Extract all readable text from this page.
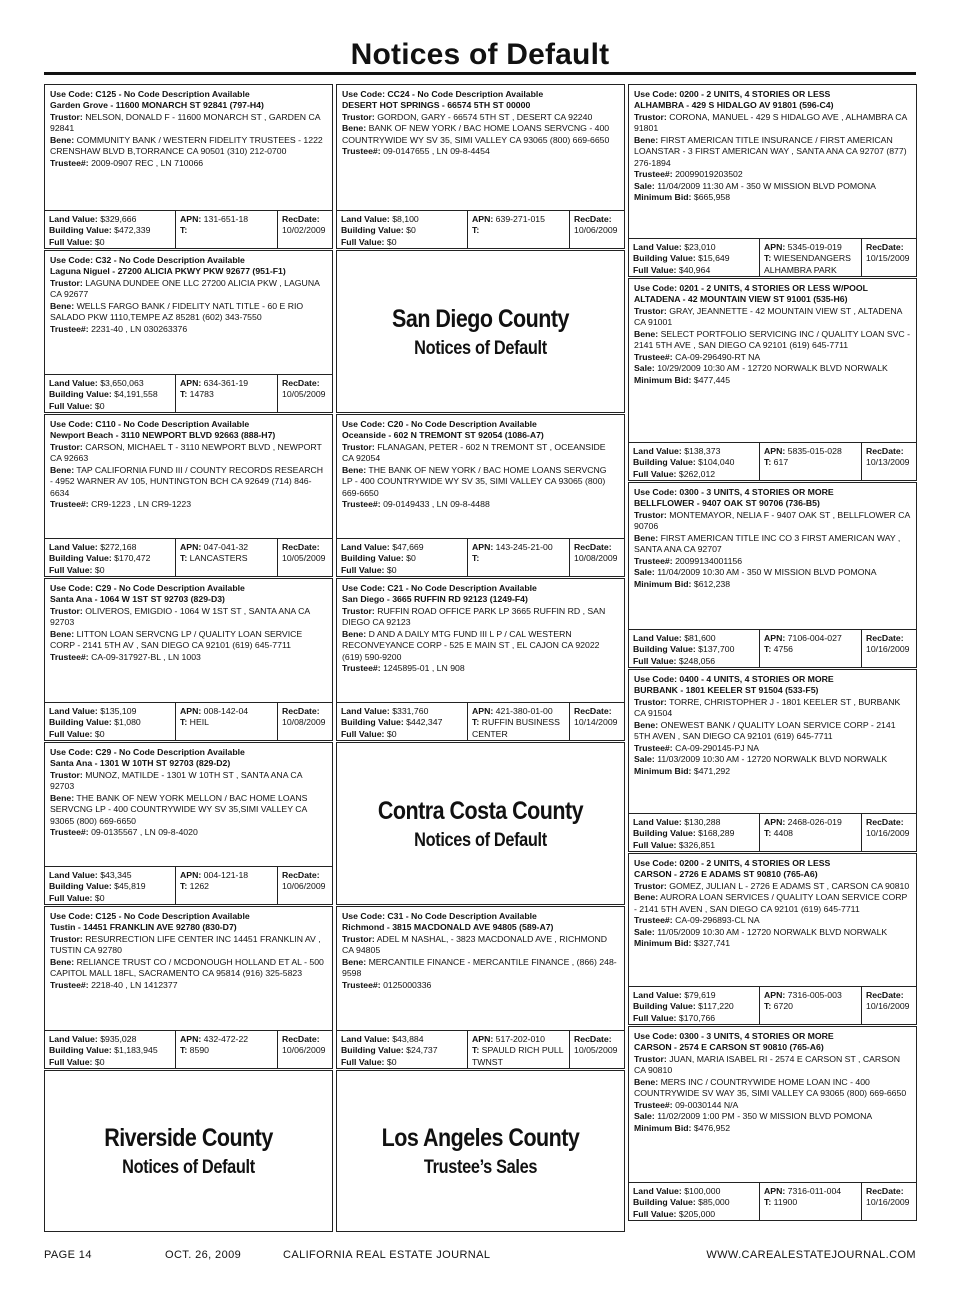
Notices of Default
Use Code: C125 - No Code Description Available
Garden Grove - 11600 MONARCH ST 92841 (797-H4)
Trustor: NELSON, DONALD F - 11600 MONARCH ST , GARDEN CA 92841
Bene: COMMUNITY BANK / WESTERN FIDELITY TRUSTEES - 1222 CRENSHAW BLVD B,TORRANCE CA 90501 (310) 212-0700
Trustee#: 2009-0907 REC , LN 710066
Land Value: $329,666
Building Value: $472,339
Full Value: $0
APN: 131-651-18
T:
RecDate:
10/02/2009
Use Code: C32 - No Code Description Available
Laguna Niguel - 27200 ALICIA PKWY PKW 92677 (951-F1)
Trustor: LAGUNA DUNDEE ONE LLC 27200 ALICIA PKW , LAGUNA CA 92677
Bene: WELLS FARGO BANK / FIDELITY NATL TITLE - 60 E RIO SALADO PKW 1110,TEMPE AZ 85281 (602) 343-7550
Trustee#: 2231-40 , LN 030263376
Land Value: $3,650,063
Building Value: $4,191,558
Full Value: $0
APN: 634-361-19
T: 14783
RecDate:
10/05/2009
Use Code: C110 - No Code Description Available
Newport Beach - 3110 NEWPORT BLVD 92663 (888-H7)
Trustor: CARSON, MICHAEL T - 3110 NEWPORT BLVD , NEWPORT CA 92663
Bene: TAP CALIFORNIA FUND III / COUNTY RECORDS RESEARCH - 4952 WARNER AV 105, HUNTINGTON BCH CA 92649 (714) 846-6634
Trustee#: CR9-1223 , LN CR9-1223
Land Value: $272,168
Building Value: $170,472
Full Value: $0
APN: 047-041-32
T: LANCASTERS
RecDate:
10/05/2009
Use Code: C29 - No Code Description Available
Santa Ana - 1064 W 1ST ST 92703 (829-D3)
Trustor: OLIVEROS, EMIGDIO - 1064 W 1ST ST , SANTA ANA CA 92703
Bene: LITTON LOAN SERVCNG LP / QUALITY LOAN SERVICE CORP - 2141 5TH AV , SAN DIEGO CA 92101 (619) 645-7711
Trustee#: CA-09-317927-BL , LN 1003
Land Value: $135,109
Building Value: $1,080
Full Value: $0
APN: 008-142-04
T: HEIL
RecDate:
10/08/2009
Use Code: C29 - No Code Description Available
Santa Ana - 1301 W 10TH ST 92703 (829-D2)
Trustor: MUNOZ, MATILDE - 1301 W 10TH ST , SANTA ANA CA 92703
Bene: THE BANK OF NEW YORK MELLON / BAC HOME LOANS SERVCNG LP - 400 COUNTRYWIDE WY SV 35,SIMI VALLEY CA 93065 (800) 669-6650
Trustee#: 09-0135567 , LN 09-8-4020
Land Value: $43,345
Building Value: $45,819
Full Value: $0
APN: 004-121-18
T: 1262
RecDate:
10/06/2009
Use Code: C125 - No Code Description Available
Tustin - 14451 FRANKLIN AVE 92780 (830-D7)
Trustor: RESURRECTION LIFE CENTER INC 14451 FRANKLIN AV , TUSTIN CA 92780
Bene: RELIANCE TRUST CO / MCDONOUGH HOLLAND ET AL - 500 CAPITOL MALL 18FL, SACRAMENTO CA 95814 (916) 325-5823
Trustee#: 2218-40 , LN 1412377
Land Value: $935,028
Building Value: $1,183,945
Full Value: $0
APN: 432-472-22
T: 8590
RecDate:
10/06/2009
Riverside County
Notices of Default
Use Code: CC24 - No Code Description Available
DESERT HOT SPRINGS - 66574 5TH ST 00000
Trustor: GORDON, GARY - 66574 5TH ST , DESERT CA 92240
Bene: BANK OF NEW YORK / BAC HOME LOANS SERVCNG - 400 COUNTRYWIDE WY SV 35, SIMI VALLEY CA 93065 (800) 669-6650
Trustee#: 09-0147655 , LN 09-8-4454
Land Value: $8,100
Building Value: $0
Full Value: $0
APN: 639-271-015
T:
RecDate:
10/06/2009
San Diego County
Notices of Default
Use Code: C20 - No Code Description Available
Oceanside - 602 N TREMONT ST 92054 (1086-A7)
Trustor: FLANAGAN, PETER - 602 N TREMONT ST , OCEANSIDE CA 92054
Bene: THE BANK OF NEW YORK / BAC HOME LOANS SERVCNG LP - 400 COUNTRYWIDE WY SV 35, SIMI VALLEY CA 93065 (800) 669-6650
Trustee#: 09-0149433 , LN 09-8-4488
Land Value: $47,669
Building Value: $0
Full Value: $0
APN: 143-245-21-00
T:
RecDate:
10/08/2009
Use Code: C21 - No Code Description Available
San Diego - 3665 RUFFIN RD 92123 (1249-F4)
Trustor: RUFFIN ROAD OFFICE PARK LP 3665 RUFFIN RD , SAN DIEGO CA 92123
Bene: D AND A DAILY MTG FUND III L P / CAL WESTERN RECONVEYANCE CORP - 525 E MAIN ST , EL CAJON CA 92022 (619) 590-9200
Trustee#: 1245895-01 , LN 908
Land Value: $331,760
Building Value: $442,347
Full Value: $0
APN: 421-380-01-00
T: RUFFIN BUSINESS CENTER
RecDate:
10/14/2009
Contra Costa County
Notices of Default
Use Code: C31 - No Code Description Available
Richmond - 3815 MACDONALD AVE 94805 (589-A7)
Trustor: ADEL M NASHAL, - 3823 MACDONALD AVE , RICHMOND CA 94805
Bene: MERCANTILE FINANCE - MERCANTILE FINANCE , (866) 248-9598
Trustee#: 0125000336
Land Value: $43,884
Building Value: $24,737
Full Value: $0
APN: 517-202-010
T: SPAULD RICH PULL TWNST
RecDate:
10/05/2009
Los Angeles County
Trustee’s Sales
Use Code: 0200 - 2 UNITS, 4 STORIES OR LESS
ALHAMBRA - 429 S HIDALGO AV 91801 (596-C4)
Trustor: CORONA, MANUEL - 429 S HIDALGO AVE , ALHAMBRA CA 91801
Bene: FIRST AMERICAN TITLE INSURANCE / FIRST AMERICAN LOANSTAR - 3 FIRST AMERICAN WAY , SANTA ANA CA 92707 (877) 276-1894
Trustee#: 20099019203502
Sale: 11/04/2009 11:30 AM - 350 W MISSION BLVD POMONA
Minimum Bid: $665,958
Land Value: $23,010
Building Value: $15,649
Full Value: $40,964
APN: 5345-019-019
T: WIESENDANGERS ALHAMBRA PARK
RecDate:
10/15/2009
Use Code: 0201 - 2 UNITS, 4 STORIES OR LESS W/POOL
ALTADENA - 42 MOUNTAIN VIEW ST 91001 (535-H6)
Trustor: GRAY, JEANNETTE - 42 MOUNTAIN VIEW ST , ALTADENA CA 91001
Bene: SELECT PORTFOLIO SERVICING INC / QUALITY LOAN SVC - 2141 5TH AVE , SAN DIEGO CA 92101 (619) 645-7711
Trustee#: CA-09-296490-RT NA
Sale: 10/29/2009 10:30 AM - 12720 NORWALK BLVD NORWALK
Minimum Bid: $477,445
Land Value: $138,373
Building Value: $104,040
Full Value: $262,012
APN: 5835-015-028
T: 617
RecDate:
10/13/2009
Use Code: 0300 - 3 UNITS, 4 STORIES OR MORE
BELLFLOWER - 9407 OAK ST 90706 (736-B5)
Trustor: MONTEMAYOR, NELIA F - 9407 OAK ST , BELLFLOWER CA 90706
Bene: FIRST AMERICAN TITLE INC CO 3 FIRST AMERICAN WAY , SANTA ANA CA 92707
Trustee#: 20099134001156
Sale: 11/04/2009 10:30 AM - 350 W MISSION BLVD POMONA
Minimum Bid: $612,238
Land Value: $81,600
Building Value: $137,700
Full Value: $248,056
APN: 7106-004-027
T: 4756
RecDate:
10/16/2009
Use Code: 0400 - 4 UNITS, 4 STORIES OR MORE
BURBANK - 1801 KEELER ST 91504 (533-F5)
Trustor: TORRE, CHRISTOPHER J - 1801 KEELER ST , BURBANK CA 91504
Bene: ONEWEST BANK / QUALITY LOAN SERVICE CORP - 2141 5TH AVEN , SAN DIEGO CA 92101 (619) 645-7711
Trustee#: CA-09-290145-PJ NA
Sale: 11/03/2009 10:30 AM - 12720 NORWALK BLVD NORWALK
Minimum Bid: $471,292
Land Value: $130,288
Building Value: $168,289
Full Value: $326,851
APN: 2468-026-019
T: 4408
RecDate:
10/16/2009
Use Code: 0200 - 2 UNITS, 4 STORIES OR LESS
CARSON - 2726 E ADAMS ST 90810 (765-A6)
Trustor: GOMEZ, JULIAN L - 2726 E ADAMS ST , CARSON CA 90810
Bene: AURORA LOAN SERVICES / QUALITY LOAN SERVICE CORP - 2141 5TH AVEN , SAN DIEGO CA 92101 (619) 645-7711
Trustee#: CA-09-296893-CL NA
Sale: 11/05/2009 10:30 AM - 12720 NORWALK BLVD NORWALK
Minimum Bid: $327,741
Land Value: $79,619
Building Value: $117,220
Full Value: $170,766
APN: 7316-005-003
T: 6720
RecDate:
10/16/2009
Use Code: 0300 - 3 UNITS, 4 STORIES OR MORE
CARSON - 2574 E CARSON ST 90810 (765-A6)
Trustor: JUAN, MARIA ISABEL RI - 2574 E CARSON ST , CARSON CA 90810
Bene: MERS INC / COUNTRYWIDE HOME LOAN INC - 400 COUNTRYWIDE SV WAY 35, SIMI VALLEY CA 93065 (800) 669-6650
Trustee#: 09-0030144 N/A
Sale: 11/02/2009 1:00 PM - 350 W MISSION BLVD POMONA
Minimum Bid: $476,952
Land Value: $100,000
Building Value: $85,000
Full Value: $205,000
APN: 7316-011-004
T: 11900
RecDate:
10/16/2009
PAGE 14	OCT. 26, 2009	CALIFORNIA REAL ESTATE JOURNAL	WWW.CAREALESTATEJOURNAL.COM
